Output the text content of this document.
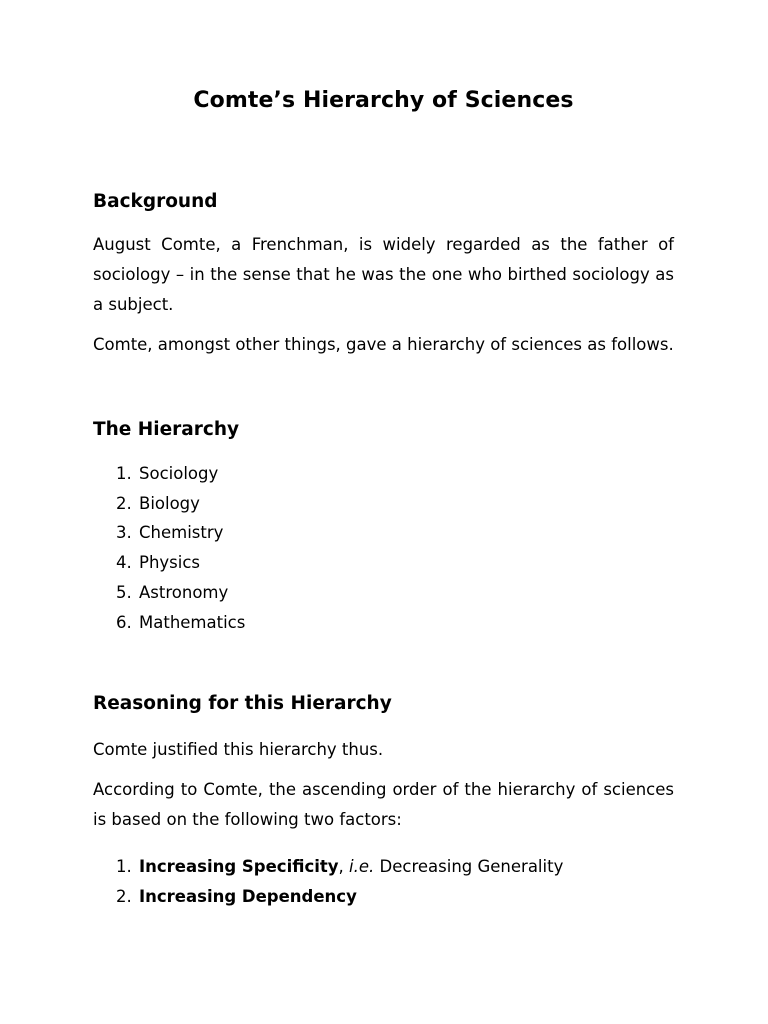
Comte’s Hierarchy of Sciences
Background

August Comte, a Frenchman, is widely regarded as the father of sociology – in the sense that he was the one who birthed sociology as a subject.

Comte, amongst other things, gave a hierarchy of sciences as follows.

The Hierarchy
1. Sociology
2. Biology
3. Chemistry
4. Physics
5. Astronomy
6. Mathematics
Reasoning for this Hierarchy

Comte justified this hierarchy thus.

According to Comte, the ascending order of the hierarchy of sciences is based on the following two factors:

1. Increasing Specificity, i.e. Decreasing Generality
2. Increasing Dependency
